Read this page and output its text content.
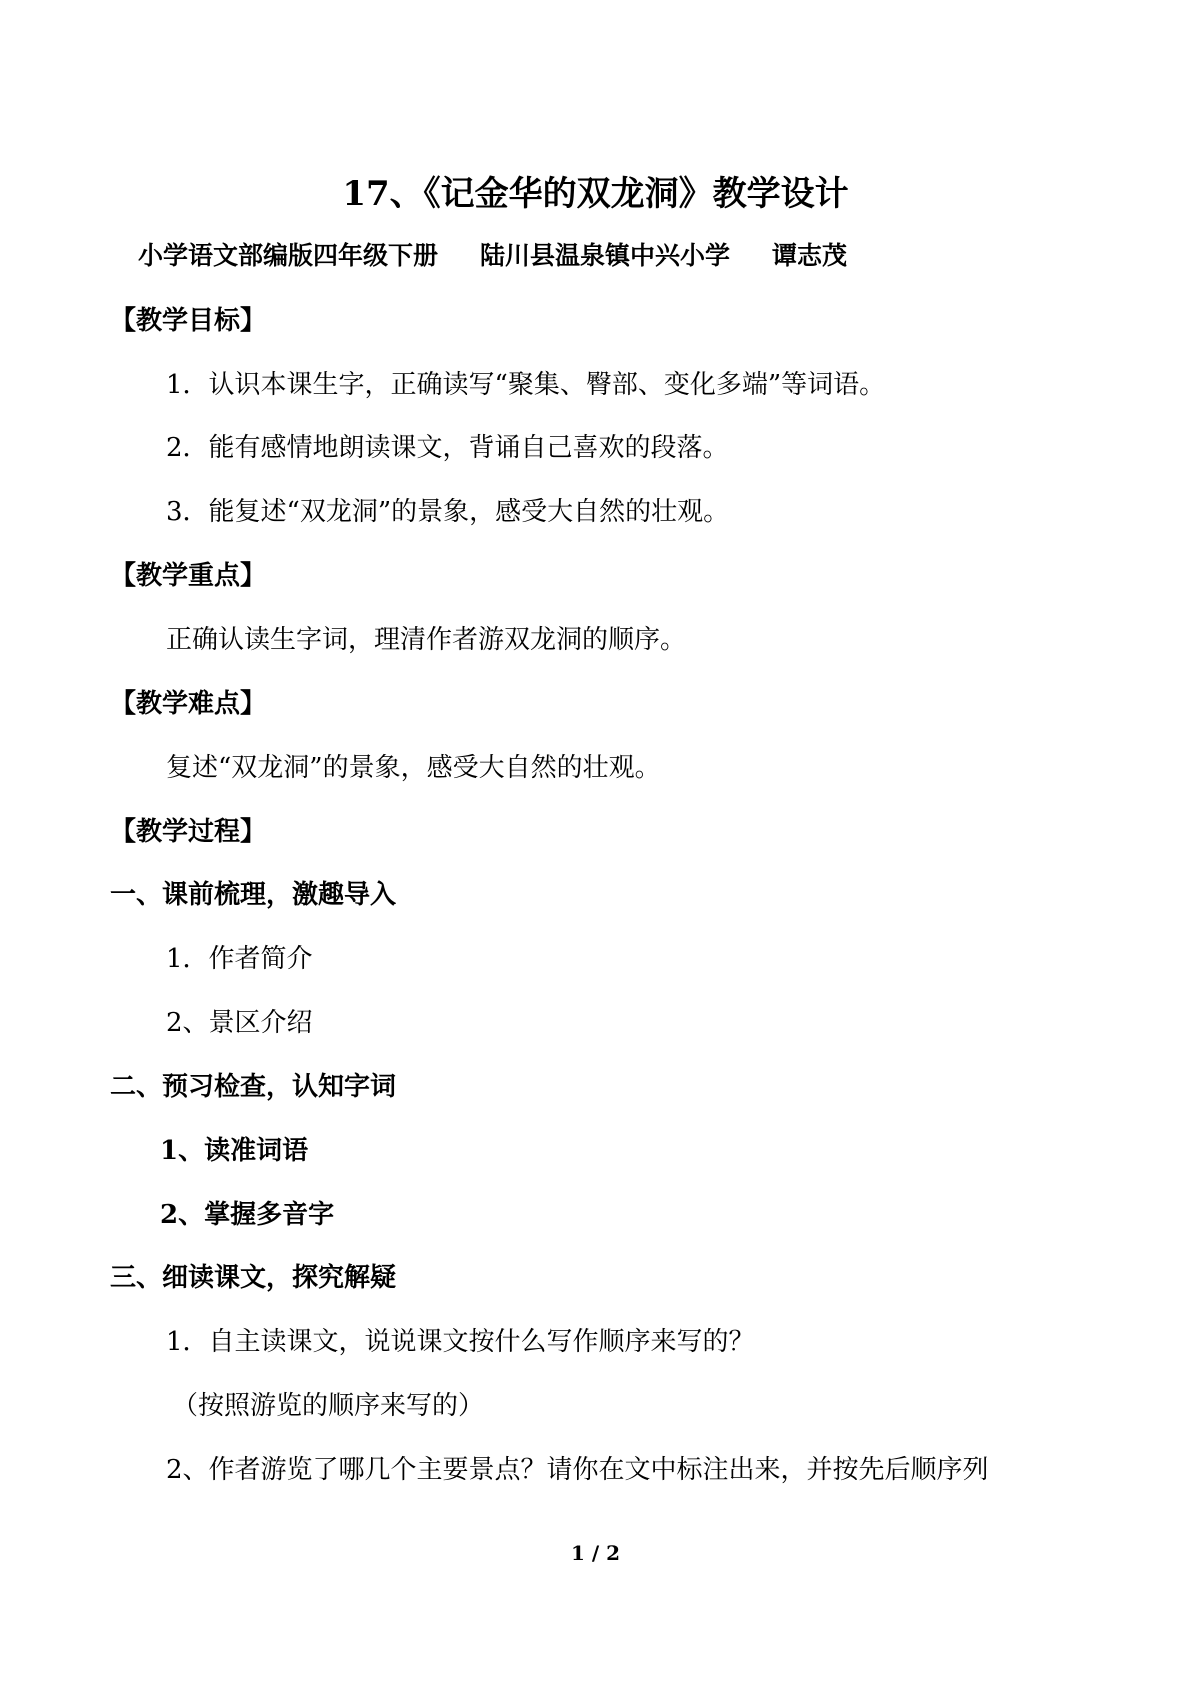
17、《记金华的双龙洞》教学设计
小学语文部编版四年级下册 陆川县温泉镇中兴小学 谭志茂
【教学目标】
1．认识本课生字，正确读写“聚集、臀部、变化多端”等词语。
2．能有感情地朗读课文，背诵自己喜欢的段落。
3．能复述“双龙洞”的景象，感受大自然的壮观。
【教学重点】
正确认读生字词，理清作者游双龙洞的顺序。
【教学难点】
复述“双龙洞”的景象，感受大自然的壮观。
【教学过程】
一、课前梳理，激趣导入
1．作者简介
2、景区介绍
二、预习检查，认知字词
1、读准词语
2、掌握多音字
三、细读课文，探究解疑
1．自主读课文，说说课文按什么写作顺序来写的？
（按照游览的顺序来写的）
2、作者游览了哪几个主要景点？请你在文中标注出来，并按先后顺序列
1 / 2
